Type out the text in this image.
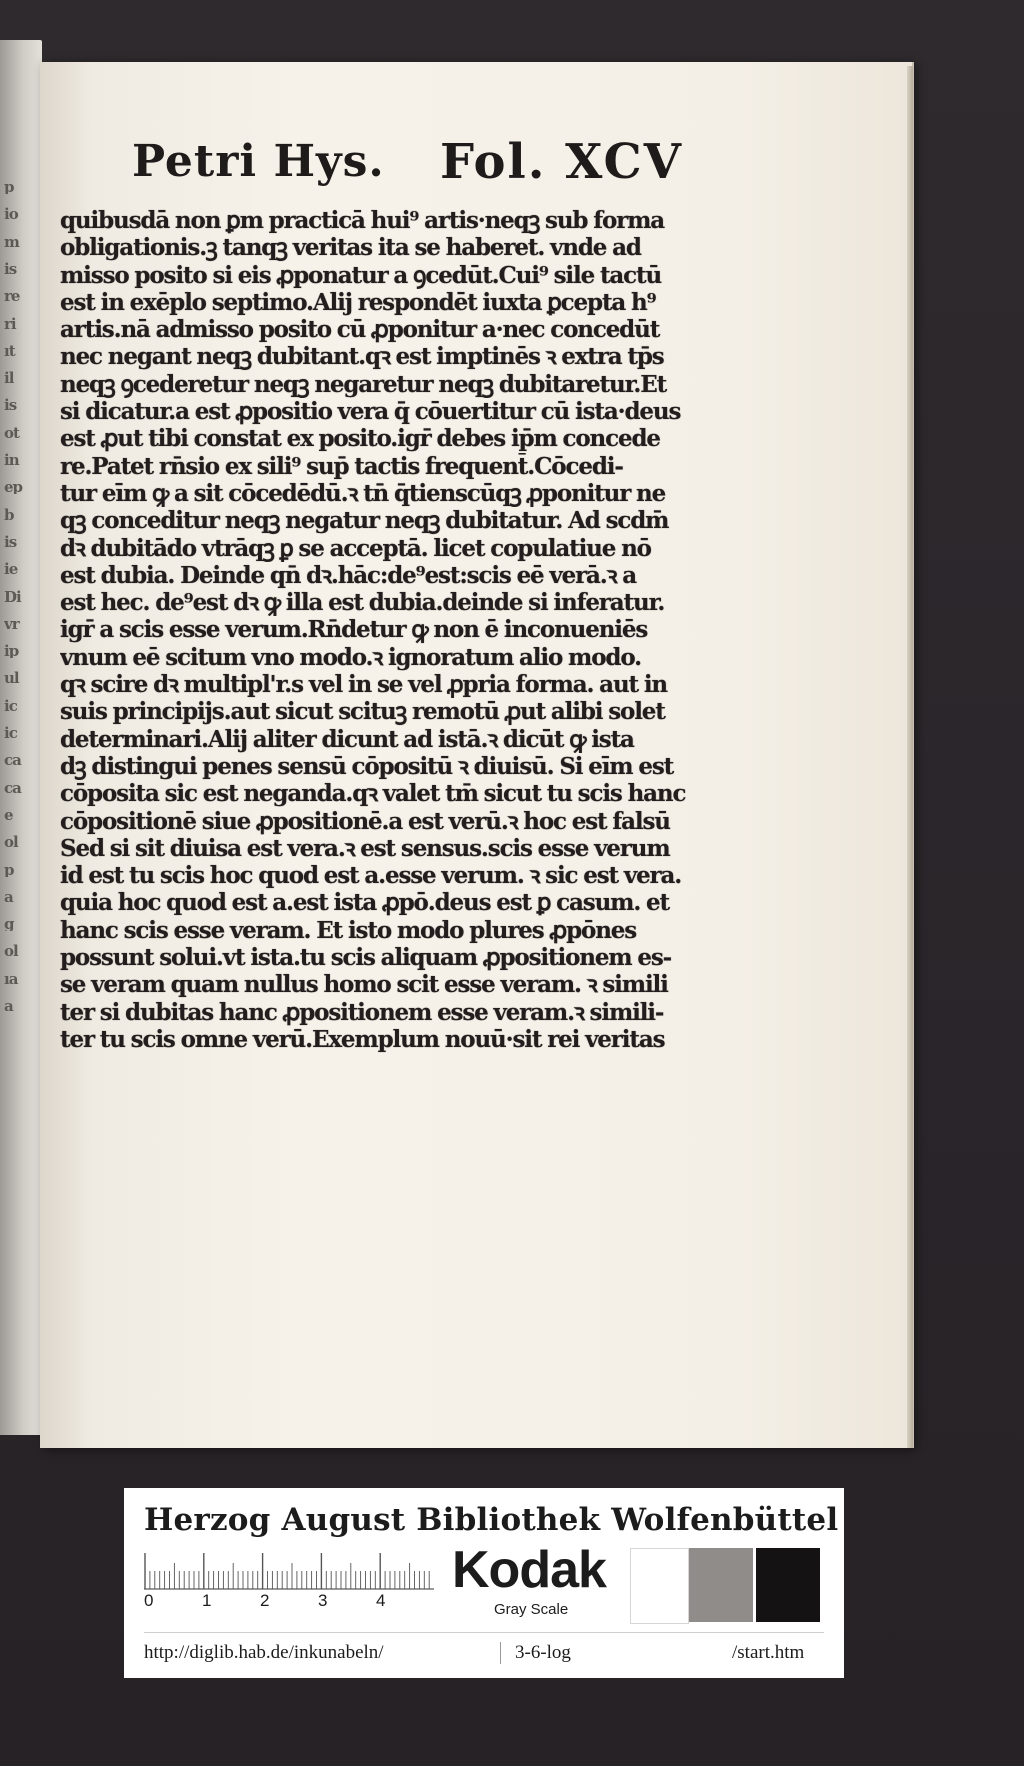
p
io
m
is
re
ri
ıt
il
is
ot
in
ep
b
is
ie
Di
vr
ip
ul
ic
ic
ca
ca
e
ol
p
a
g
ol
ıa
a
Petri Hys. Fol. XCV
quibusdā non ꝑm practicā hui⁹ artis·neqꝫ sub forma
obligationis.ꝫ tanqꝫ veritas ita se haberet. vnde ad
misso posito si eis ꝓponatur a ꝯcedūt.Cui⁹ sile tactū
est in exēplo septimo.Alij respondēt iuxta ꝑcepta h⁹
artis.nā admisso posito cū ꝓponitur a·nec concedūt
nec negant neqꝫ dubitant.qꝛ est imptinēs ꝛ extra tp̄s
neqꝫ ꝯcederetur neqꝫ negaretur neqꝫ dubitaretur.Et
si dicatur.a est ꝓpositio vera q̄ cōuertitur cū ista·deus
est ꝓut tibi constat ex posito.igr̄ debes ip̄m concede
re.Patet rn̄sio ex sili⁹ sup̄ tactis frequent̄.Cōcedi-
tur eīm ꝙ a sit cōcedēdū.ꝛ tn̄ q̄tienscūqꝫ ꝓponitur ne
qꝫ conceditur neqꝫ negatur neqꝫ dubitatur. Ad scdm̄
dꝛ dubitādo vtrāqꝫ ꝑ se acceptā. licet copulatiue nō
est dubia. Deinde qn̄ dꝛ.hāc:de⁹est:scis eē verā.ꝛ a
est hec. de⁹est dꝛ ꝙ illa est dubia.deinde si inferatur.
igr̄ a scis esse verum.Rn̄detur ꝙ non ē inconueniēs
vnum eē scitum vno modo.ꝛ ignoratum alio modo.
qꝛ scire dꝛ multipl'r.s vel in se vel ꝓpria forma. aut in
suis principijs.aut sicut scituꝫ remotū ꝓut alibi solet
determinari.Alij aliter dicunt ad istā.ꝛ dicūt ꝙ ista
dꝫ distingui penes sensū cōpositū ꝛ diuisū. Si eīm est
cōposita sic est neganda.qꝛ valet tm̄ sicut tu scis hanc
cōpositionē siue ꝓpositionē.a est verū.ꝛ hoc est falsū
Sed si sit diuisa est vera.ꝛ est sensus.scis esse verum
id est tu scis hoc quod est a.esse verum. ꝛ sic est vera.
quia hoc quod est a.est ista ꝓpō.deus est ꝑ casum. et
hanc scis esse veram. Et isto modo plures ꝓpōnes
possunt solui.vt ista.tu scis aliquam ꝓpositionem es-
se veram quam nullus homo scit esse veram. ꝛ simili
ter si dubitas hanc ꝓpositionem esse veram.ꝛ simili-
ter tu scis omne verū.Exemplum nouū·sit rei veritas
Herzog August Bibliothek Wolfenbüttel
0	1	2	3	4
Kodak
Gray Scale
http://diglib.hab.de/inkunabeln/	3-6-log	/start.htm
